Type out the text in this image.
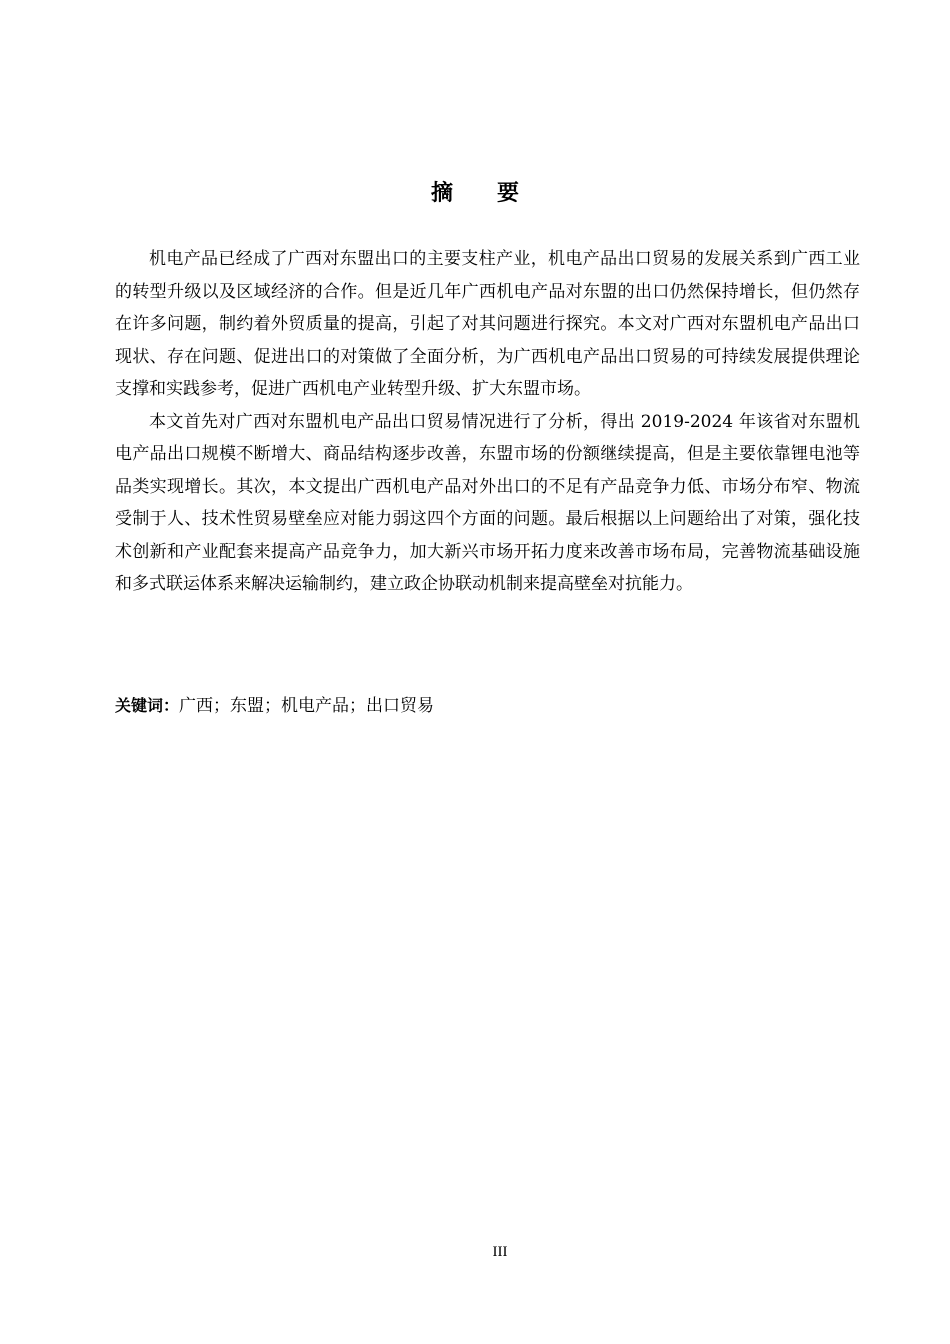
摘 要

机电产品已经成了广西对东盟出口的主要支柱产业，机电产品出口贸易的发展关系到广西工业的转型升级以及区域经济的合作。但是近几年广西机电产品对东盟的出口仍然保持增长，但仍然存在许多问题，制约着外贸质量的提高，引起了对其问题进行探究。本文对广西对东盟机电产品出口现状、存在问题、促进出口的对策做了全面分析，为广西机电产品出口贸易的可持续发展提供理论支撑和实践参考，促进广西机电产业转型升级、扩大东盟市场。

本文首先对广西对东盟机电产品出口贸易情况进行了分析，得出 2019-2024 年该省对东盟机电产品出口规模不断增大、商品结构逐步改善，东盟市场的份额继续提高，但是主要依靠锂电池等品类实现增长。其次，本文提出广西机电产品对外出口的不足有产品竞争力低、市场分布窄、物流受制于人、技术性贸易壁垒应对能力弱这四个方面的问题。最后根据以上问题给出了对策，强化技术创新和产业配套来提高产品竞争力，加大新兴市场开拓力度来改善市场布局，完善物流基础设施和多式联运体系来解决运输制约，建立政企协联动机制来提高壁垒对抗能力。

关键词：广西；东盟；机电产品；出口贸易
III
